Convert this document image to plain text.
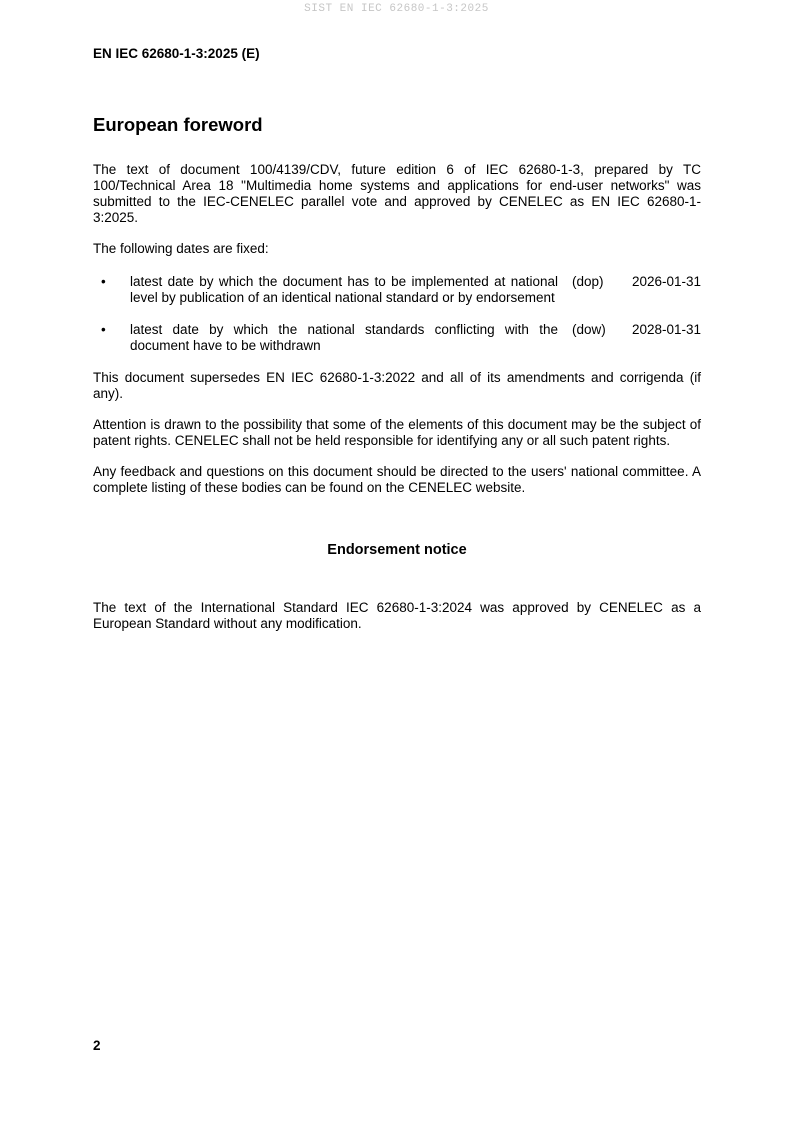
SIST EN IEC 62680-1-3:2025
EN IEC 62680-1-3:2025 (E)
European foreword

The text of document 100/4139/CDV, future edition 6 of IEC 62680-1-3, prepared by TC 100/Technical Area 18 "Multimedia home systems and applications for end-user networks" was submitted to the IEC-CENELEC parallel vote and approved by CENELEC as EN IEC 62680-1-3:2025.

The following dates are fixed:

•	latest date by which the document has to be implemented at national level by publication of an identical national standard or by endorsement
(dop)	2026-01-31
•	latest date by which the national standards conflicting with the document have to be withdrawn
(dow)	2028-01-31

This document supersedes EN IEC 62680-1-3:2022 and all of its amendments and corrigenda (if any).

Attention is drawn to the possibility that some of the elements of this document may be the subject of patent rights. CENELEC shall not be held responsible for identifying any or all such patent rights.

Any feedback and questions on this document should be directed to the users' national committee. A complete listing of these bodies can be found on the CENELEC website.

Endorsement notice

The text of the International Standard IEC 62680-1-3:2024 was approved by CENELEC as a European Standard without any modification.

2
